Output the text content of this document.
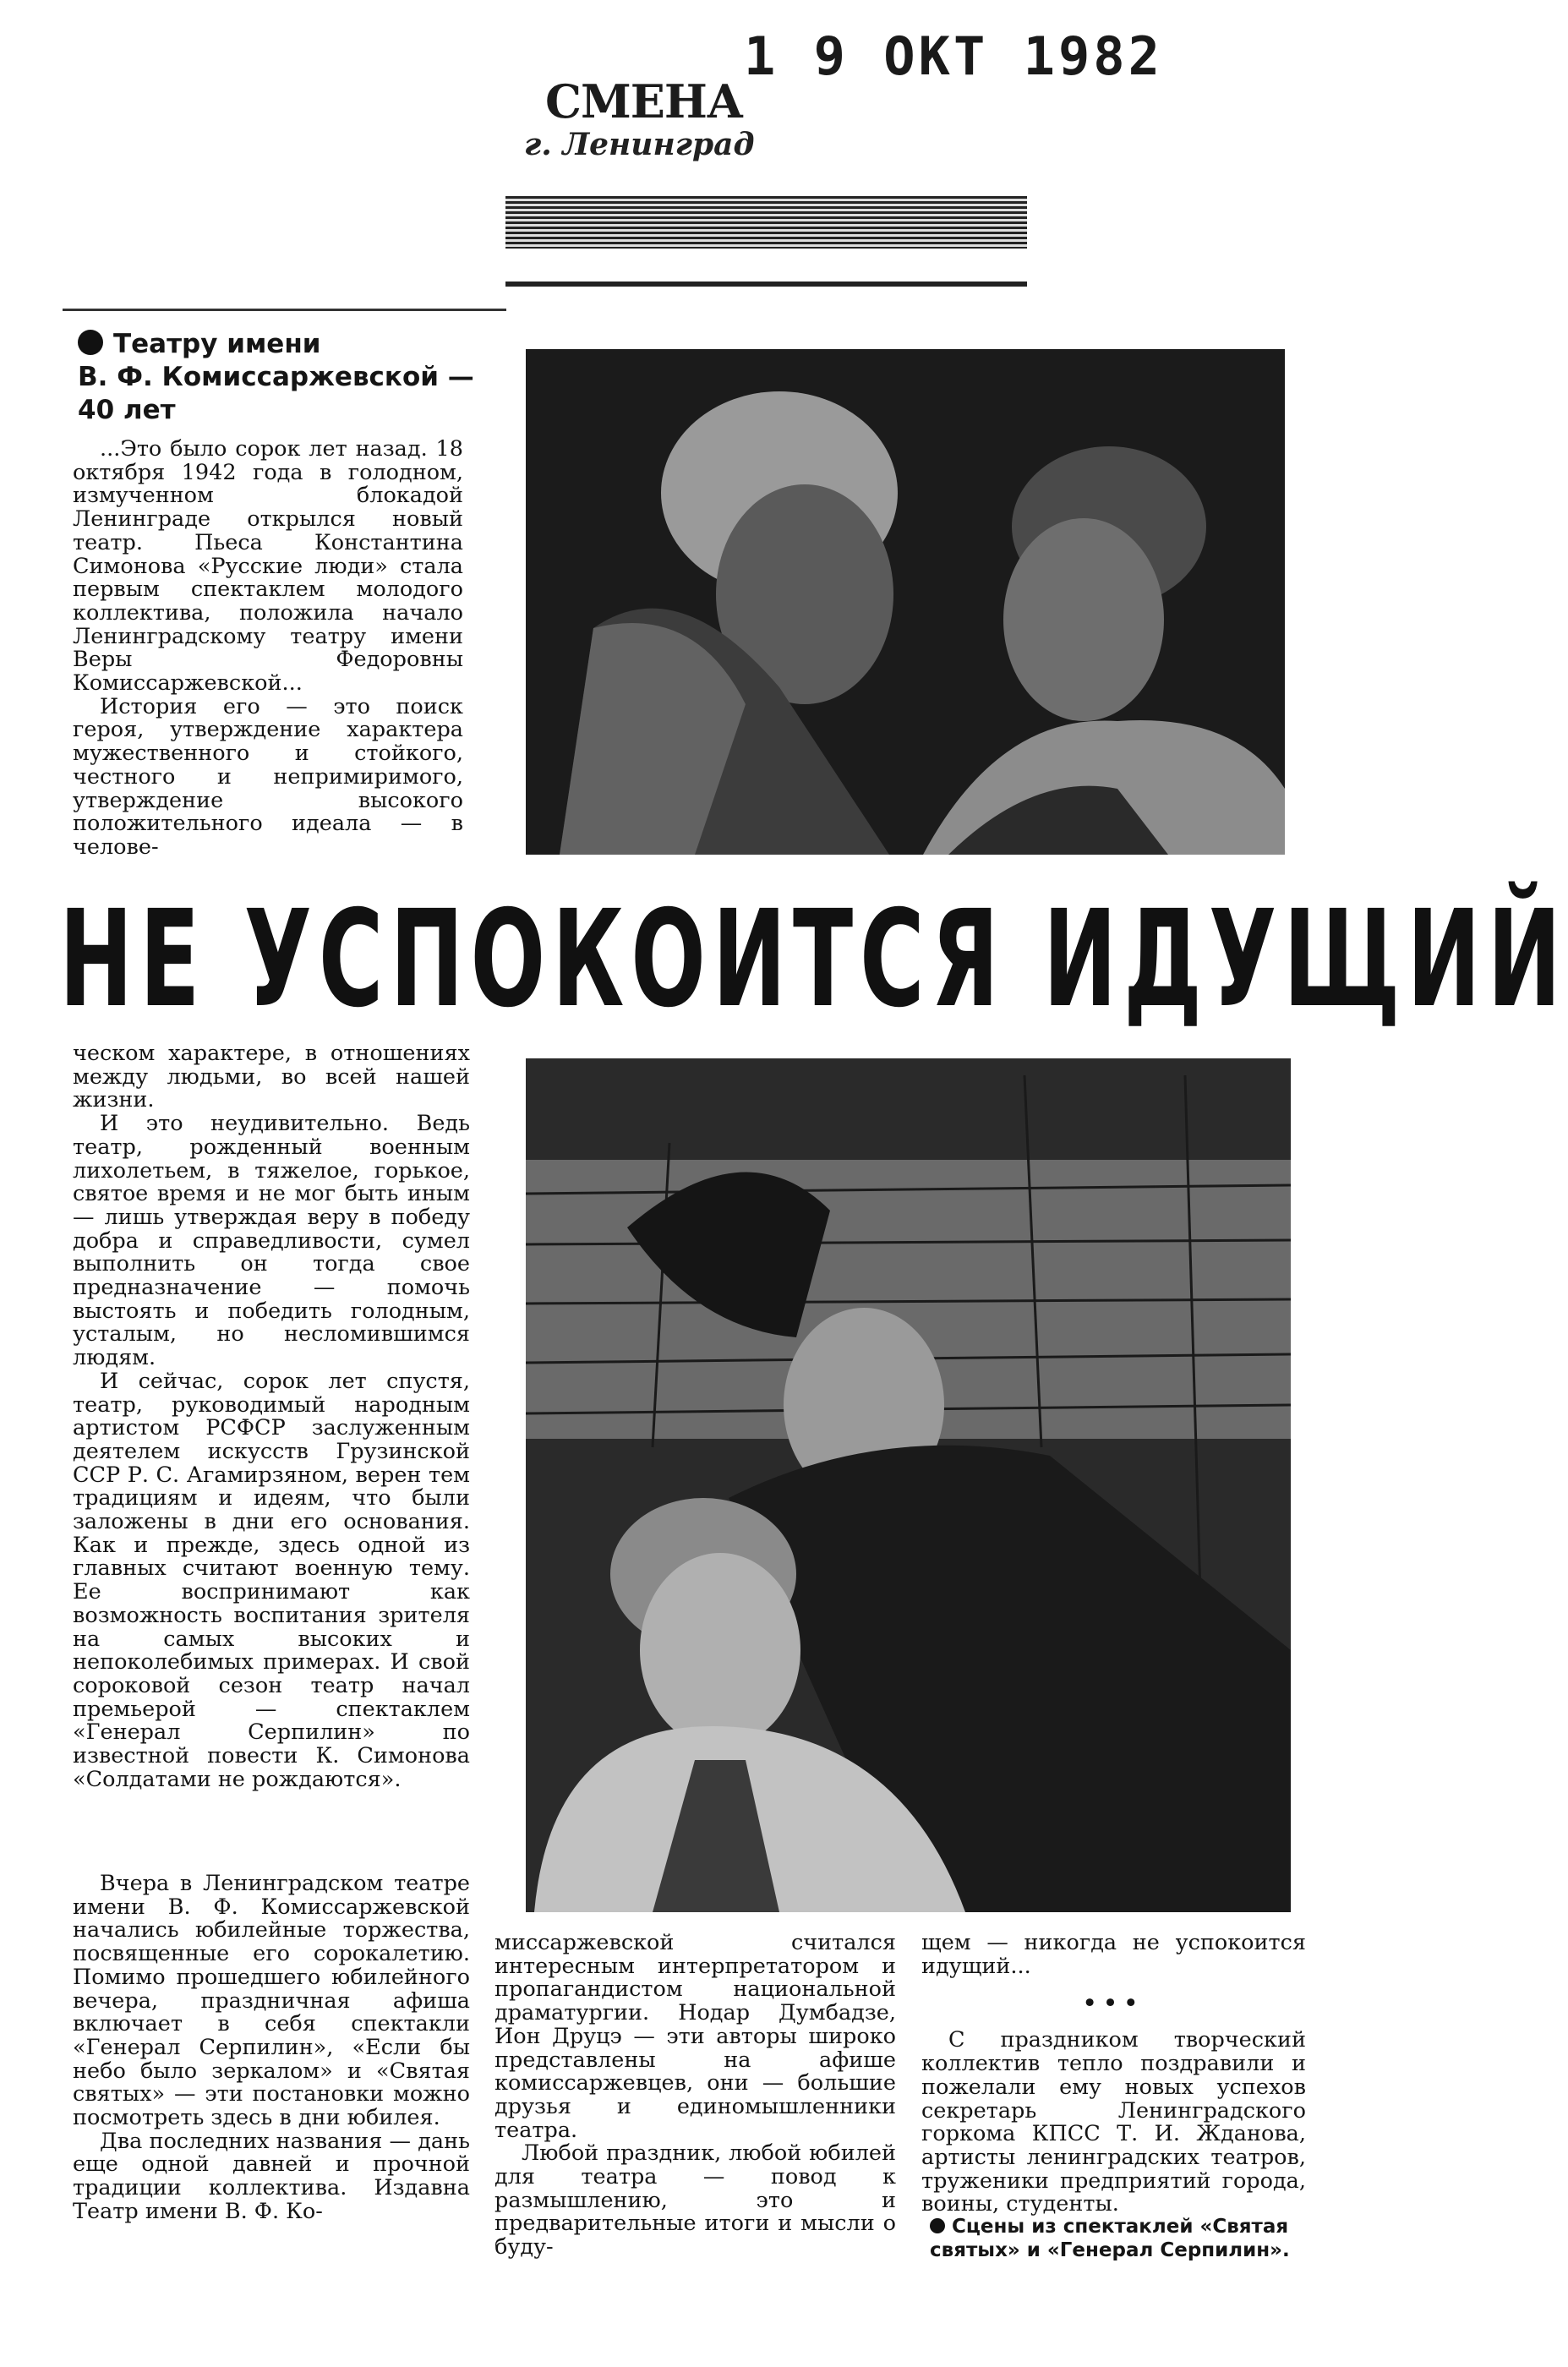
1 9 ОКТ 1982
СМЕНА
г. Ленинград
Театру имени
В. Ф. Комиссаржевской —
40 лет

...Это было сорок лет назад. 18 октября 1942 года в голодном, измученном блокадой Ленинграде открылся новый театр. Пьеса Константина Симонова «Русские люди» стала первым спектаклем молодого коллектива, положила начало Ленинградскому театру имени Веры Федоровны Комиссаржевской...

История его — это поиск героя, утверждение характера мужественного и стойкого, честного и непримиримого, утверждение высокого положительного идеала — в челове-

НЕ УСПОКОИТСЯ ИДУЩИЙ

ческом характере, в отношениях между людьми, во всей нашей жизни.

И это неудивительно. Ведь театр, рожденный военным лихолетьем, в тяжелое, горькое, святое время и не мог быть иным — лишь утверждая веру в победу добра и справедливости, сумел выполнить он тогда свое предназначение — помочь выстоять и победить голодным, усталым, но несломившимся людям.

И сейчас, сорок лет спустя, театр, руководимый народным артистом РСФСР заслуженным деятелем искусств Грузинской ССР Р. С. Агамирзяном, верен тем традициям и идеям, что были заложены в дни его основания. Как и прежде, здесь одной из главных считают военную тему. Ее воспринимают как возможность воспитания зрителя на самых высоких и непоколебимых примерах. И свой сороковой сезон театр начал премьерой — спектаклем «Генерал Серпилин» по известной повести К. Симонова «Солдатами не рождаются».

Вчера в Ленинградском театре имени В. Ф. Комиссаржевской начались юбилейные торжества, посвященные его сорокалетию. Помимо прошедшего юбилейного вечера, праздничная афиша включает в себя спектакли «Генерал Серпилин», «Если бы небо было зеркалом» и «Святая святых» — эти постановки можно посмотреть здесь в дни юбилея.

Два последних названия — дань еще одной давней и прочной традиции коллектива. Издавна Театр имени В. Ф. Ко-

миссаржевской считался интересным интерпретатором и пропагандистом национальной драматургии. Нодар Думбадзе, Ион Друцэ — эти авторы широко представлены на афише комиссаржевцев, они — большие друзья и единомышленники театра.

Любой праздник, любой юбилей для театра — повод к размышлению, это и предварительные итоги и мысли о буду-

щем — никогда не успокоится идущий...

•••

С праздником творческий коллектив тепло поздравили и пожелали ему новых успехов секретарь Ленинградского горкома КПСС Т. И. Жданова, артисты ленинградских театров, труженики предприятий города, воины, студенты.

Сцены из спектаклей «Святая святых» и «Генерал Серпилин».
